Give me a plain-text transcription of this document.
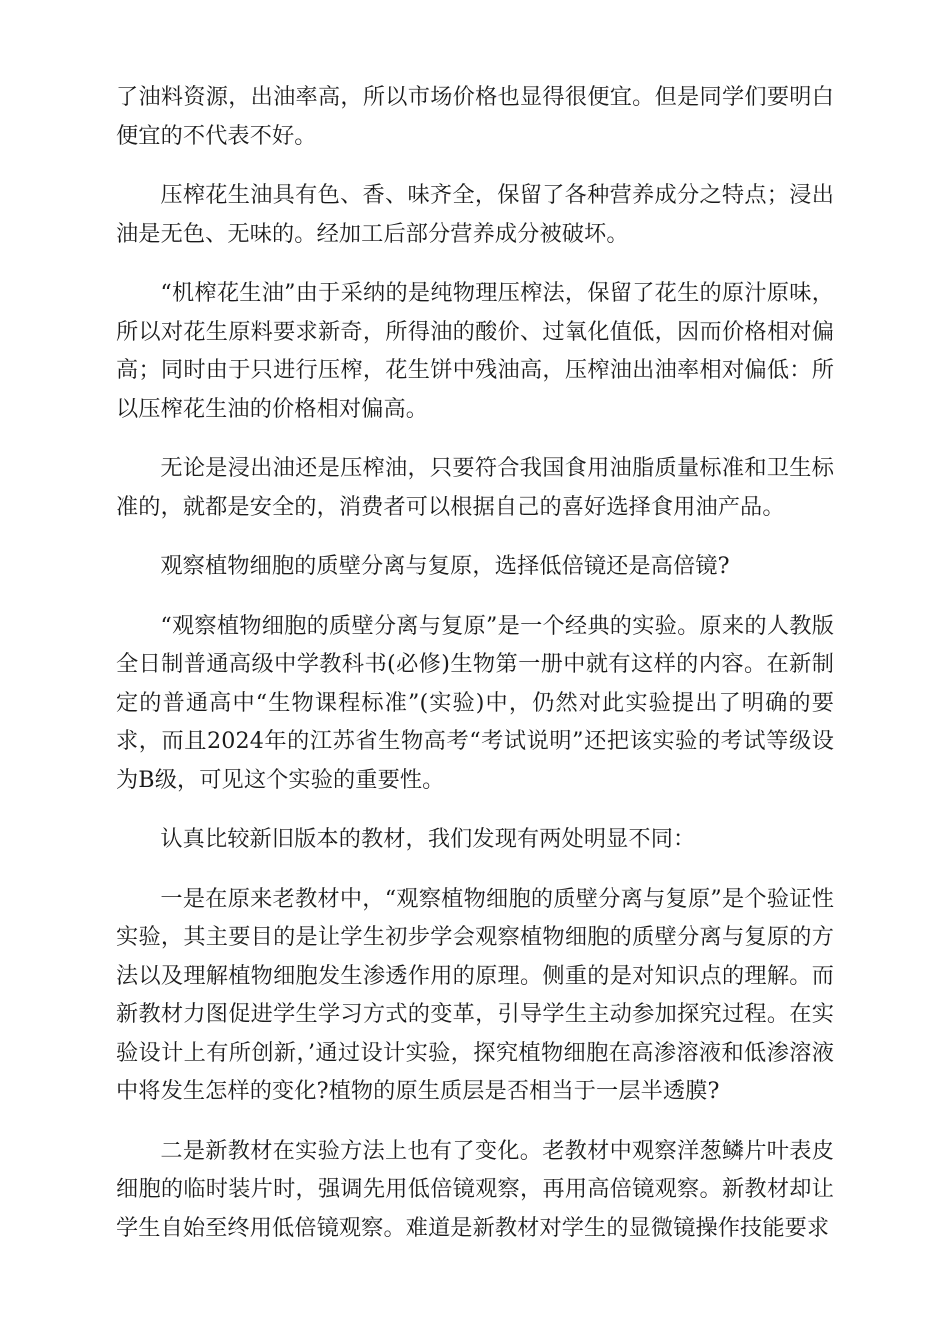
了油料资源，出油率高，所以市场价格也显得很便宜。但是同学们要明白便宜的不代表不好。

压榨花生油具有色、香、味齐全，保留了各种营养成分之特点；浸出油是无色、无味的。经加工后部分营养成分被破坏。

“机榨花生油”由于采纳的是纯物理压榨法，保留了花生的原汁原味，所以对花生原料要求新奇，所得油的酸价、过氧化值低，因而价格相对偏高；同时由于只进行压榨，花生饼中残油高，压榨油出油率相对偏低：所以压榨花生油的价格相对偏高。

无论是浸出油还是压榨油，只要符合我国食用油脂质量标准和卫生标准的，就都是安全的，消费者可以根据自己的喜好选择食用油产品。

观察植物细胞的质壁分离与复原，选择低倍镜还是高倍镜?

“观察植物细胞的质壁分离与复原”是一个经典的实验。原来的人教版全日制普通高级中学教科书(必修)生物第一册中就有这样的内容。在新制定的普通高中“生物课程标准”(实验)中，仍然对此实验提出了明确的要求，而且2024年的江苏省生物高考“考试说明”还把该实验的考试等级设为B级，可见这个实验的重要性。

认真比较新旧版本的教材，我们发现有两处明显不同：

一是在原来老教材中，“观察植物细胞的质壁分离与复原”是个验证性实验，其主要目的是让学生初步学会观察植物细胞的质壁分离与复原的方法以及理解植物细胞发生渗透作用的原理。侧重的是对知识点的理解。而新教材力图促进学生学习方式的变革，引导学生主动参加探究过程。在实验设计上有所创新，’通过设计实验，探究植物细胞在高渗溶液和低渗溶液中将发生怎样的变化?植物的原生质层是否相当于一层半透膜?

二是新教材在实验方法上也有了变化。老教材中观察洋葱鳞片叶表皮细胞的临时装片时，强调先用低倍镜观察，再用高倍镜观察。新教材却让学生自始至终用低倍镜观察。难道是新教材对学生的显微镜操作技能要求
